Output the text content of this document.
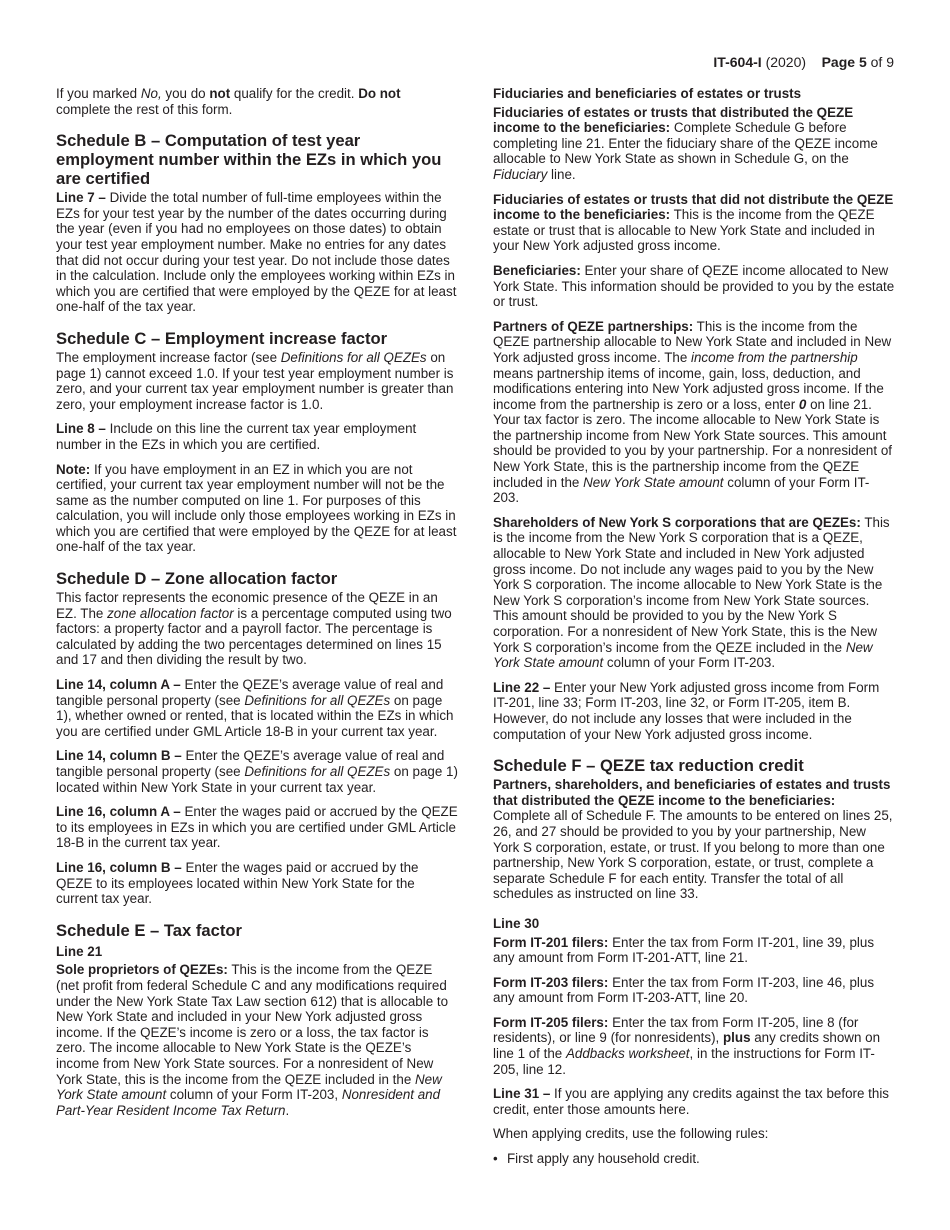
IT-604-I (2020) Page 5 of 9

If you marked No, you do not qualify for the credit. Do not complete the rest of this form.

Schedule B – Computation of test year employment number within the EZs in which you are certified

Line 7 – Divide the total number of full-time employees within the EZs for your test year by the number of the dates occurring during the year (even if you had no employees on those dates) to obtain your test year employment number. Make no entries for any dates that did not occur during your test year. Do not include those dates in the calculation. Include only the employees working within EZs in which you are certified that were employed by the QEZE for at least one-half of the tax year.

Schedule C – Employment increase factor

The employment increase factor (see Definitions for all QEZEs on page 1) cannot exceed 1.0. If your test year employment number is zero, and your current tax year employment number is greater than zero, your employment increase factor is 1.0.

Line 8 – Include on this line the current tax year employment number in the EZs in which you are certified.

Note: If you have employment in an EZ in which you are not certified, your current tax year employment number will not be the same as the number computed on line 1. For purposes of this calculation, you will include only those employees working in EZs in which you are certified that were employed by the QEZE for at least one-half of the tax year.

Schedule D – Zone allocation factor

This factor represents the economic presence of the QEZE in an EZ. The zone allocation factor is a percentage computed using two factors: a property factor and a payroll factor. The percentage is calculated by adding the two percentages determined on lines 15 and 17 and then dividing the result by two.

Line 14, column A – Enter the QEZE’s average value of real and tangible personal property (see Definitions for all QEZEs on page 1), whether owned or rented, that is located within the EZs in which you are certified under GML Article 18-B in your current tax year.

Line 14, column B – Enter the QEZE’s average value of real and tangible personal property (see Definitions for all QEZEs on page 1) located within New York State in your current tax year.

Line 16, column A – Enter the wages paid or accrued by the QEZE to its employees in EZs in which you are certified under GML Article 18-B in the current tax year.

Line 16, column B – Enter the wages paid or accrued by the QEZE to its employees located within New York State for the current tax year.

Schedule E – Tax factor
Line 21

Sole proprietors of QEZEs: This is the income from the QEZE (net profit from federal Schedule C and any modifications required under the New York State Tax Law section 612) that is allocable to New York State and included in your New York adjusted gross income. If the QEZE’s income is zero or a loss, the tax factor is zero. The income allocable to New York State is the QEZE’s income from New York State sources. For a nonresident of New York State, this is the income from the QEZE included in the New York State amount column of your Form IT-203, Nonresident and Part-Year Resident Income Tax Return.

Fiduciaries and beneficiaries of estates or trusts

Fiduciaries of estates or trusts that distributed the QEZE income to the beneficiaries: Complete Schedule G before completing line 21. Enter the fiduciary share of the QEZE income allocable to New York State as shown in Schedule G, on the Fiduciary line.

Fiduciaries of estates or trusts that did not distribute the QEZE income to the beneficiaries: This is the income from the QEZE estate or trust that is allocable to New York State and included in your New York adjusted gross income.

Beneficiaries: Enter your share of QEZE income allocated to New York State. This information should be provided to you by the estate or trust.

Partners of QEZE partnerships: This is the income from the QEZE partnership allocable to New York State and included in New York adjusted gross income. The income from the partnership means partnership items of income, gain, loss, deduction, and modifications entering into New York adjusted gross income. If the income from the partnership is zero or a loss, enter 0 on line 21. Your tax factor is zero. The income allocable to New York State is the partnership income from New York State sources. This amount should be provided to you by your partnership. For a nonresident of New York State, this is the partnership income from the QEZE included in the New York State amount column of your Form IT-203.

Shareholders of New York S corporations that are QEZEs: This is the income from the New York S corporation that is a QEZE, allocable to New York State and included in New York adjusted gross income. Do not include any wages paid to you by the New York S corporation. The income allocable to New York State is the New York S corporation’s income from New York State sources. This amount should be provided to you by the New York S corporation. For a nonresident of New York State, this is the New York S corporation’s income from the QEZE included in the New York State amount column of your Form IT-203.

Line 22 – Enter your New York adjusted gross income from Form IT-201, line 33; Form IT-203, line 32, or Form IT-205, item B. However, do not include any losses that were included in the computation of your New York adjusted gross income.

Schedule F – QEZE tax reduction credit

Partners, shareholders, and beneficiaries of estates and trusts that distributed the QEZE income to the beneficiaries: Complete all of Schedule F. The amounts to be entered on lines 25, 26, and 27 should be provided to you by your partnership, New York S corporation, estate, or trust. If you belong to more than one partnership, New York S corporation, estate, or trust, complete a separate Schedule F for each entity. Transfer the total of all schedules as instructed on line 33.

Line 30

Form IT-201 filers: Enter the tax from Form IT-201, line 39, plus any amount from Form IT-201-ATT, line 21.

Form IT-203 filers: Enter the tax from Form IT-203, line 46, plus any amount from Form IT-203-ATT, line 20.

Form IT-205 filers: Enter the tax from Form IT-205, line 8 (for residents), or line 9 (for nonresidents), plus any credits shown on line 1 of the Addbacks worksheet, in the instructions for Form IT-205, line 12.

Line 31 – If you are applying any credits against the tax before this credit, enter those amounts here.

When applying credits, use the following rules:

• First apply any household credit.
